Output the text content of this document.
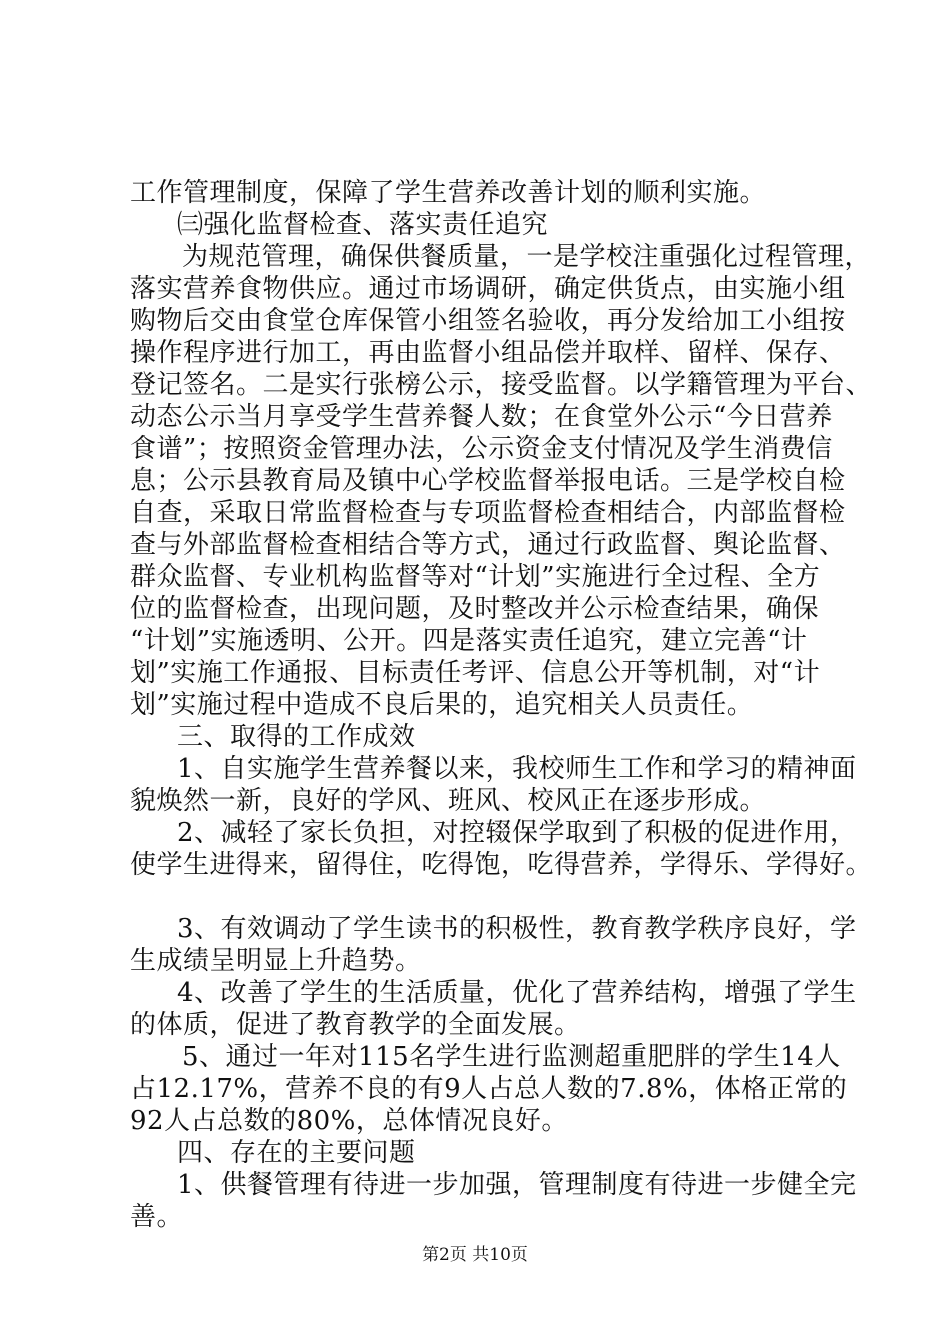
工作管理制度，保障了学生营养改善计划的顺利实施。
㈢强化监督检查、落实责任追究
为规范管理，确保供餐质量，一是学校注重强化过程管理，
落实营养食物供应。通过市场调研，确定供货点，由实施小组
购物后交由食堂仓库保管小组签名验收，再分发给加工小组按
操作程序进行加工，再由监督小组品偿并取样、留样、保存、
登记签名。二是实行张榜公示，接受监督。以学籍管理为平台、
动态公示当月享受学生营养餐人数；在食堂外公示“今日营养
食谱”；按照资金管理办法，公示资金支付情况及学生消费信
息；公示县教育局及镇中心学校监督举报电话。三是学校自检
自查，采取日常监督检查与专项监督检查相结合，内部监督检
查与外部监督检查相结合等方式，通过行政监督、舆论监督、
群众监督、专业机构监督等对“计划”实施进行全过程、全方
位的监督检查，出现问题，及时整改并公示检查结果，确保
“计划”实施透明、公开。四是落实责任追究，建立完善“计
划”实施工作通报、目标责任考评、信息公开等机制，对“计
划”实施过程中造成不良后果的，追究相关人员责任。
三、取得的工作成效
1、自实施学生营养餐以来，我校师生工作和学习的精神面
貌焕然一新，良好的学风、班风、校风正在逐步形成。
2、减轻了家长负担，对控辍保学取到了积极的促进作用，
使学生进得来，留得住，吃得饱，吃得营养，学得乐、学得好。
3、有效调动了学生读书的积极性，教育教学秩序良好，学
生成绩呈明显上升趋势。
4、改善了学生的生活质量，优化了营养结构，增强了学生
的体质，促进了教育教学的全面发展。
5、通过一年对115名学生进行监测超重肥胖的学生14人
占12.17%，营养不良的有9人占总人数的7.8%，体格正常的
92人占总数的80%，总体情况良好。
四、存在的主要问题
1、供餐管理有待进一步加强，管理制度有待进一步健全完
善。
第2页 共10页
